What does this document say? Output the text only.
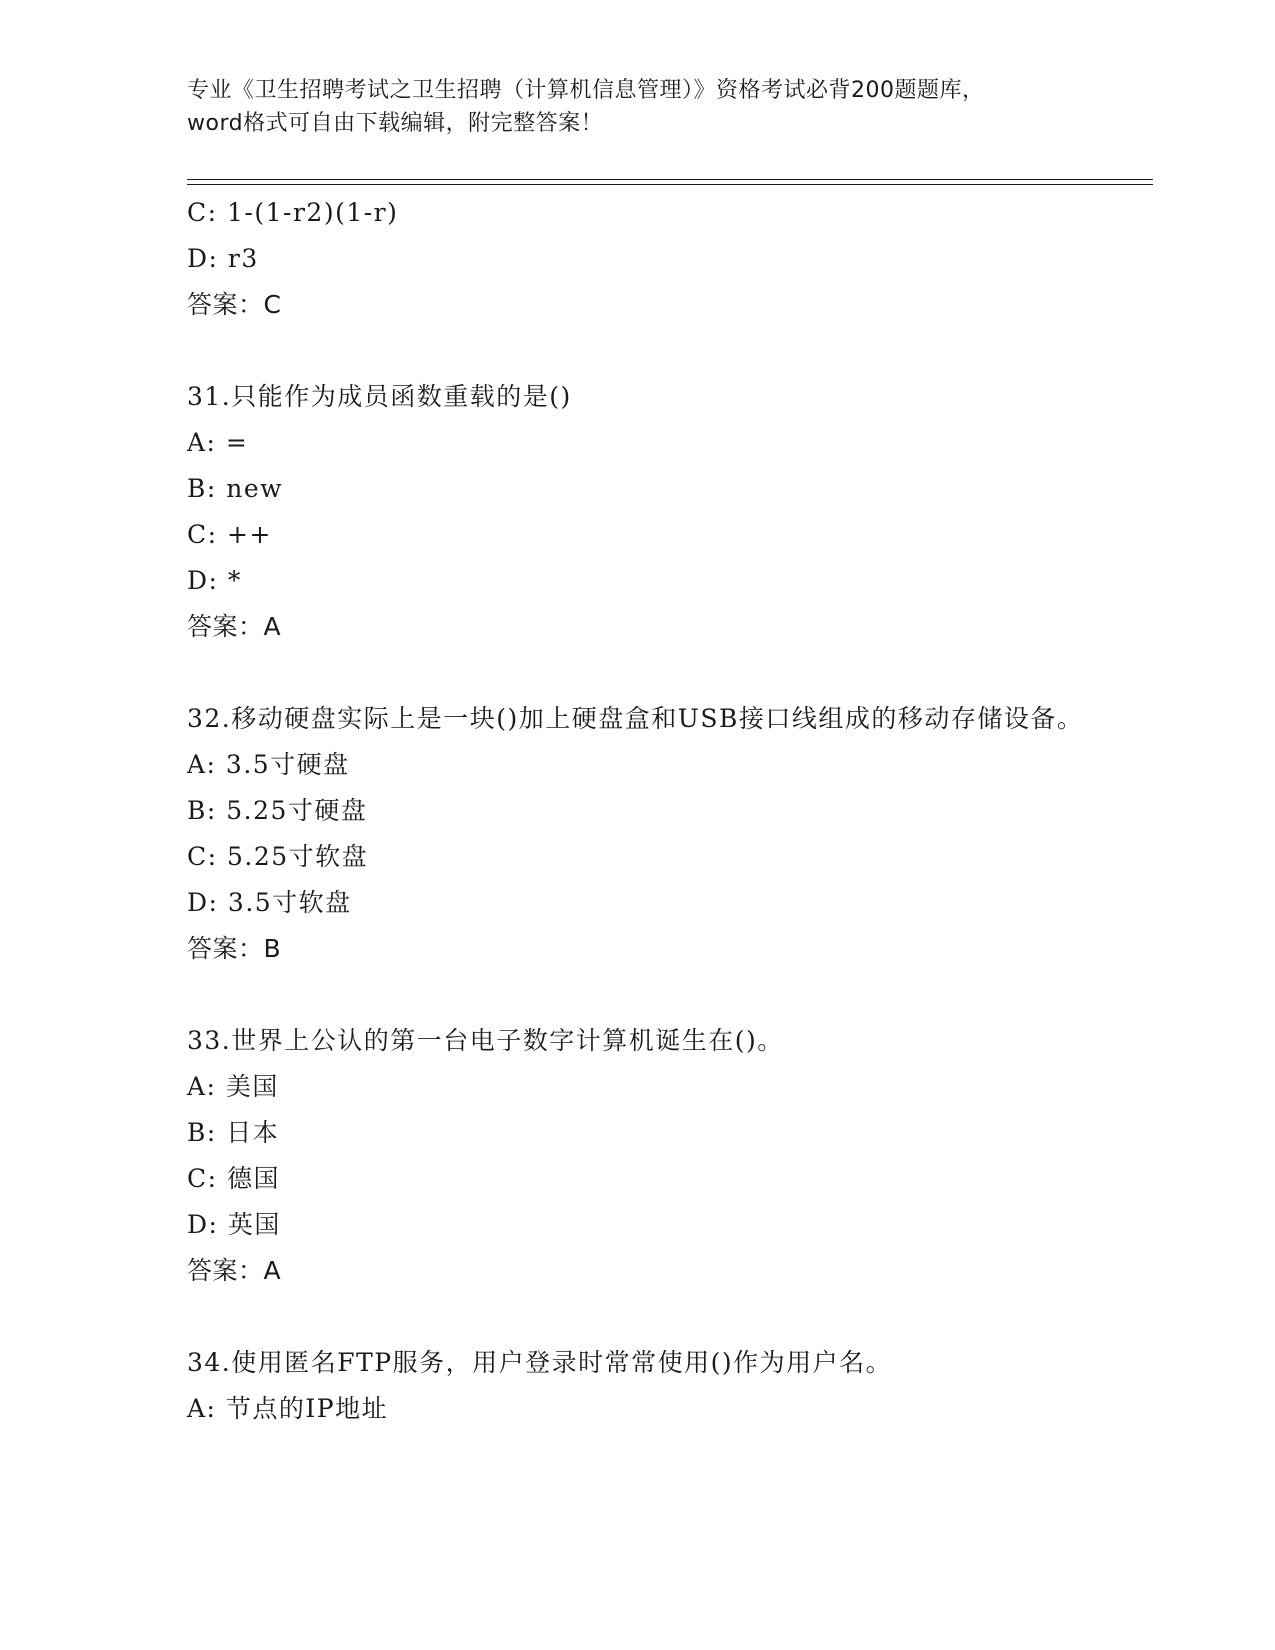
专业《卫生招聘考试之卫生招聘（计算机信息管理）》资格考试必背200题题库，
word格式可自由下载编辑，附完整答案！
C: 1-(1-r2)(1-r)
D: r3
答案：C
31.只能作为成员函数重载的是()
A: =
B: new
C: ++
D: *
答案：A
32.移动硬盘实际上是一块()加上硬盘盒和USB接口线组成的移动存储设备。
A: 3.5寸硬盘
B: 5.25寸硬盘
C: 5.25寸软盘
D: 3.5寸软盘
答案：B
33.世界上公认的第一台电子数字计算机诞生在()。
A: 美国
B: 日本
C: 德国
D: 英国
答案：A
34.使用匿名FTP服务，用户登录时常常使用()作为用户名。
A: 节点的IP地址
